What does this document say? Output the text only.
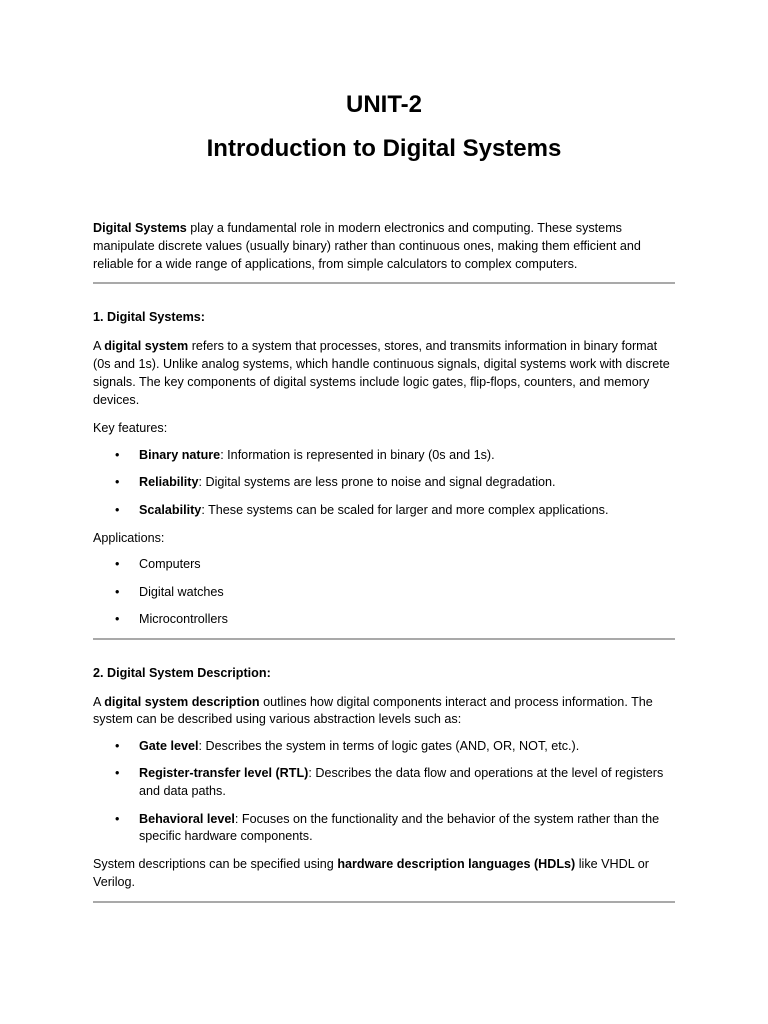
UNIT-2
Introduction to Digital Systems

Digital Systems play a fundamental role in modern electronics and computing. These systems manipulate discrete values (usually binary) rather than continuous ones, making them efficient and reliable for a wide range of applications, from simple calculators to complex computers.

1. Digital Systems:

A digital system refers to a system that processes, stores, and transmits information in binary format (0s and 1s). Unlike analog systems, which handle continuous signals, digital systems work with discrete signals. The key components of digital systems include logic gates, flip-flops, counters, and memory devices.

Key features:

• Binary nature: Information is represented in binary (0s and 1s).
• Reliability: Digital systems are less prone to noise and signal degradation.
• Scalability: These systems can be scaled for larger and more complex applications.

Applications:

• Computers
• Digital watches
• Microcontrollers

2. Digital System Description:

A digital system description outlines how digital components interact and process information. The system can be described using various abstraction levels such as:

• Gate level: Describes the system in terms of logic gates (AND, OR, NOT, etc.).
• Register-transfer level (RTL): Describes the data flow and operations at the level of registers and data paths.
• Behavioral level: Focuses on the functionality and the behavior of the system rather than the specific hardware components.

System descriptions can be specified using hardware description languages (HDLs) like VHDL or Verilog.
